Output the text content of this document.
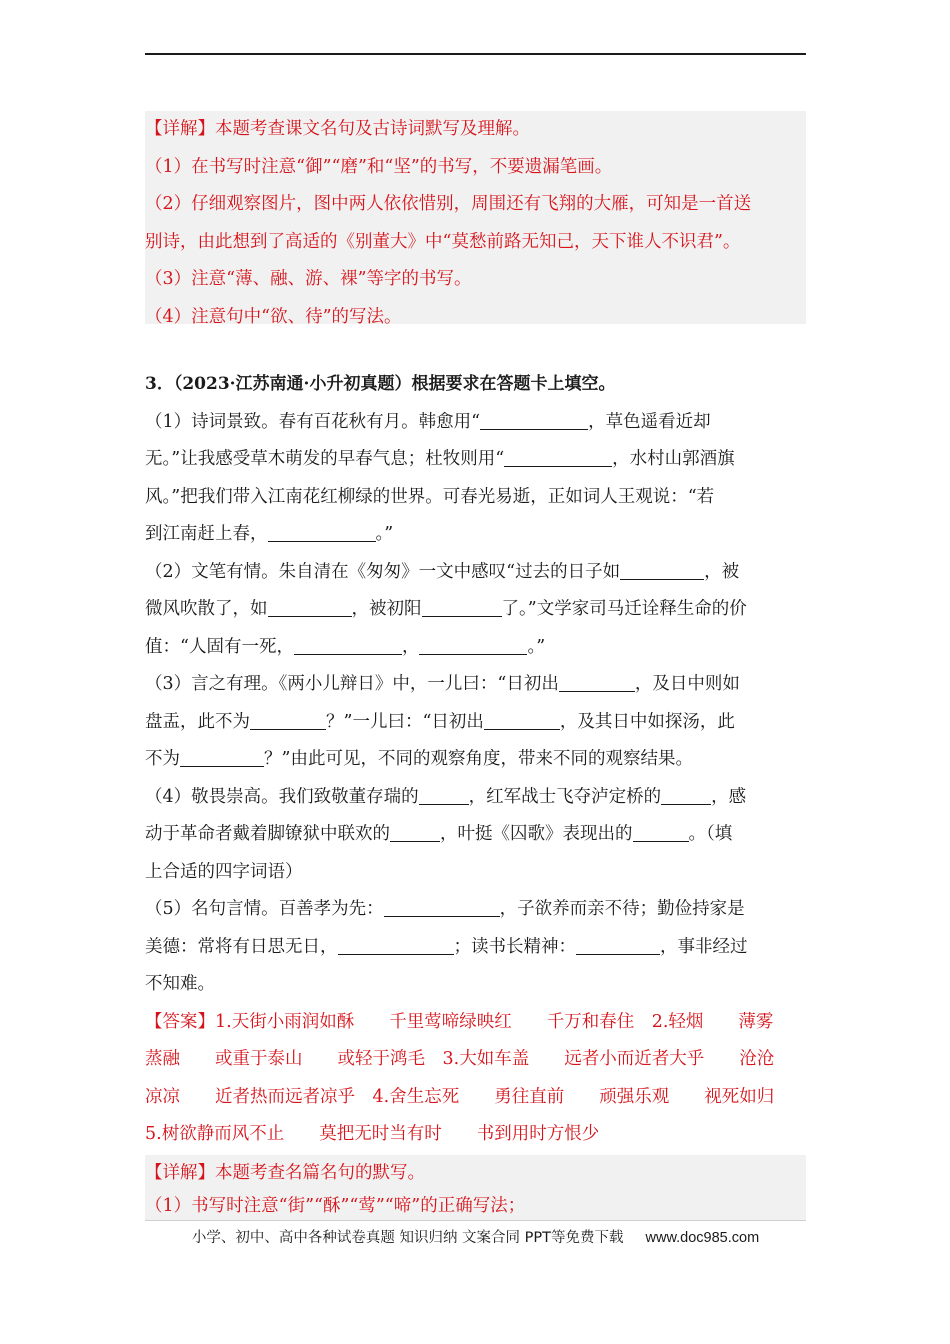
【详解】本题考查课文名句及古诗词默写及理解。
（1）在书写时注意“御”“磨”和“坚”的书写，不要遗漏笔画。
（2）仔细观察图片，图中两人依依惜别，周围还有飞翔的大雁，可知是一首送
别诗，由此想到了高适的《别董大》中“莫愁前路无知己，天下谁人不识君”。
（3）注意“薄、融、游、裸”等字的书写。
（4）注意句中“欲、待”的写法。
3．（2023·江苏南通·小升初真题）根据要求在答题卡上填空。
（1）诗词景致。春有百花秋有月。韩愈用“	，草色遥看近却
无。”让我感受草木萌发的早春气息；杜牧则用“	，水村山郭酒旗
风。”把我们带入江南花红柳绿的世界。可春光易逝，正如词人王观说：“若
到江南赶上春，	。”
（2）文笔有情。朱自清在《匆匆》一文中感叹“过去的日子如	，被
微风吹散了，如	，被初阳	了。”文学家司马迁诠释生命的价
值：“人固有一死，	，	。”
（3）言之有理。《两小儿辩日》中，一儿曰：“日初出	，及日中则如
盘盂，此不为	？”一儿曰：“日初出	，及其日中如探汤，此
不为	？”由此可见，不同的观察角度，带来不同的观察结果。
（4）敬畏崇高。我们致敬董存瑞的	，红军战士飞夺泸定桥的	，感
动于革命者戴着脚镣狱中联欢的	，叶挺《囚歌》表现出的	。（填
上合适的四字词语）
（5）名句言情。百善孝为先：	，子欲养而亲不待；勤俭持家是
美德：常将有日思无日，	；读书长精神：	，事非经过
不知难。
【答案】1.天街小雨润如酥　　千里莺啼绿映红　　千万和春住　2.轻烟　　薄雾
蒸融　　或重于泰山　　或轻于鸿毛　3.大如车盖　　远者小而近者大乎　　沧沧
凉凉　　近者热而远者凉乎　4.舍生忘死　　勇往直前　　顽强乐观　　视死如归
5.树欲静而风不止　　莫把无时当有时　　书到用时方恨少
【详解】本题考查名篇名句的默写。
（1）书写时注意“街”“酥”“莺”“啼”的正确写法；
小学、初中、高中各种试卷真题 知识归纳 文案合同 PPT等免费下载 www.doc985.com
